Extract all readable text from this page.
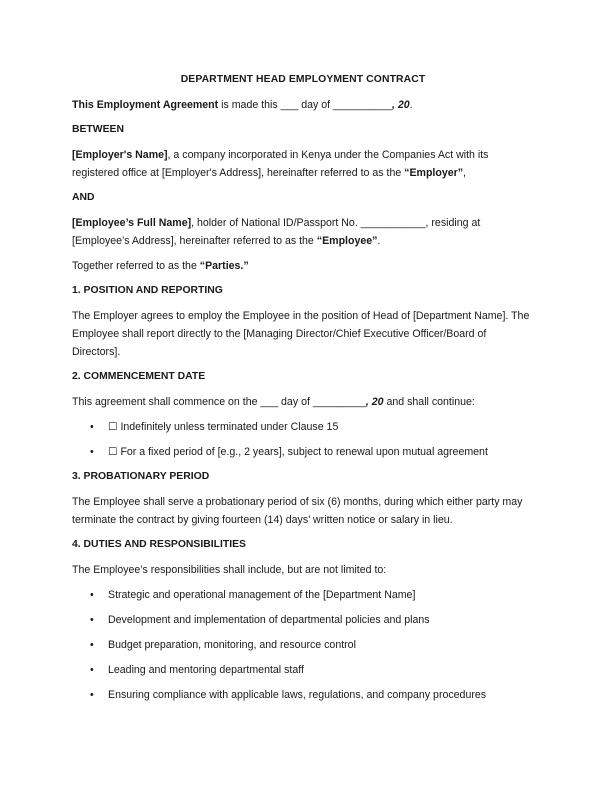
DEPARTMENT HEAD EMPLOYMENT CONTRACT

This Employment Agreement is made this ___ day of __________, 20.

BETWEEN

[Employer's Name], a company incorporated in Kenya under the Companies Act with its registered office at [Employer's Address], hereinafter referred to as the “Employer”,

AND

[Employee’s Full Name], holder of National ID/Passport No. ___________, residing at [Employee’s Address], hereinafter referred to as the “Employee”.

Together referred to as the “Parties.”

1. POSITION AND REPORTING

The Employer agrees to employ the Employee in the position of Head of [Department Name]. The Employee shall report directly to the [Managing Director/Chief Executive Officer/Board of Directors].

2. COMMENCEMENT DATE

This agreement shall commence on the ___ day of _________, 20 and shall continue:

• ☐ Indefinitely unless terminated under Clause 15
• ☐ For a fixed period of [e.g., 2 years], subject to renewal upon mutual agreement
3. PROBATIONARY PERIOD

The Employee shall serve a probationary period of six (6) months, during which either party may terminate the contract by giving fourteen (14) days’ written notice or salary in lieu.

4. DUTIES AND RESPONSIBILITIES

The Employee’s responsibilities shall include, but are not limited to:

• Strategic and operational management of the [Department Name]
• Development and implementation of departmental policies and plans
• Budget preparation, monitoring, and resource control
• Leading and mentoring departmental staff
• Ensuring compliance with applicable laws, regulations, and company procedures
